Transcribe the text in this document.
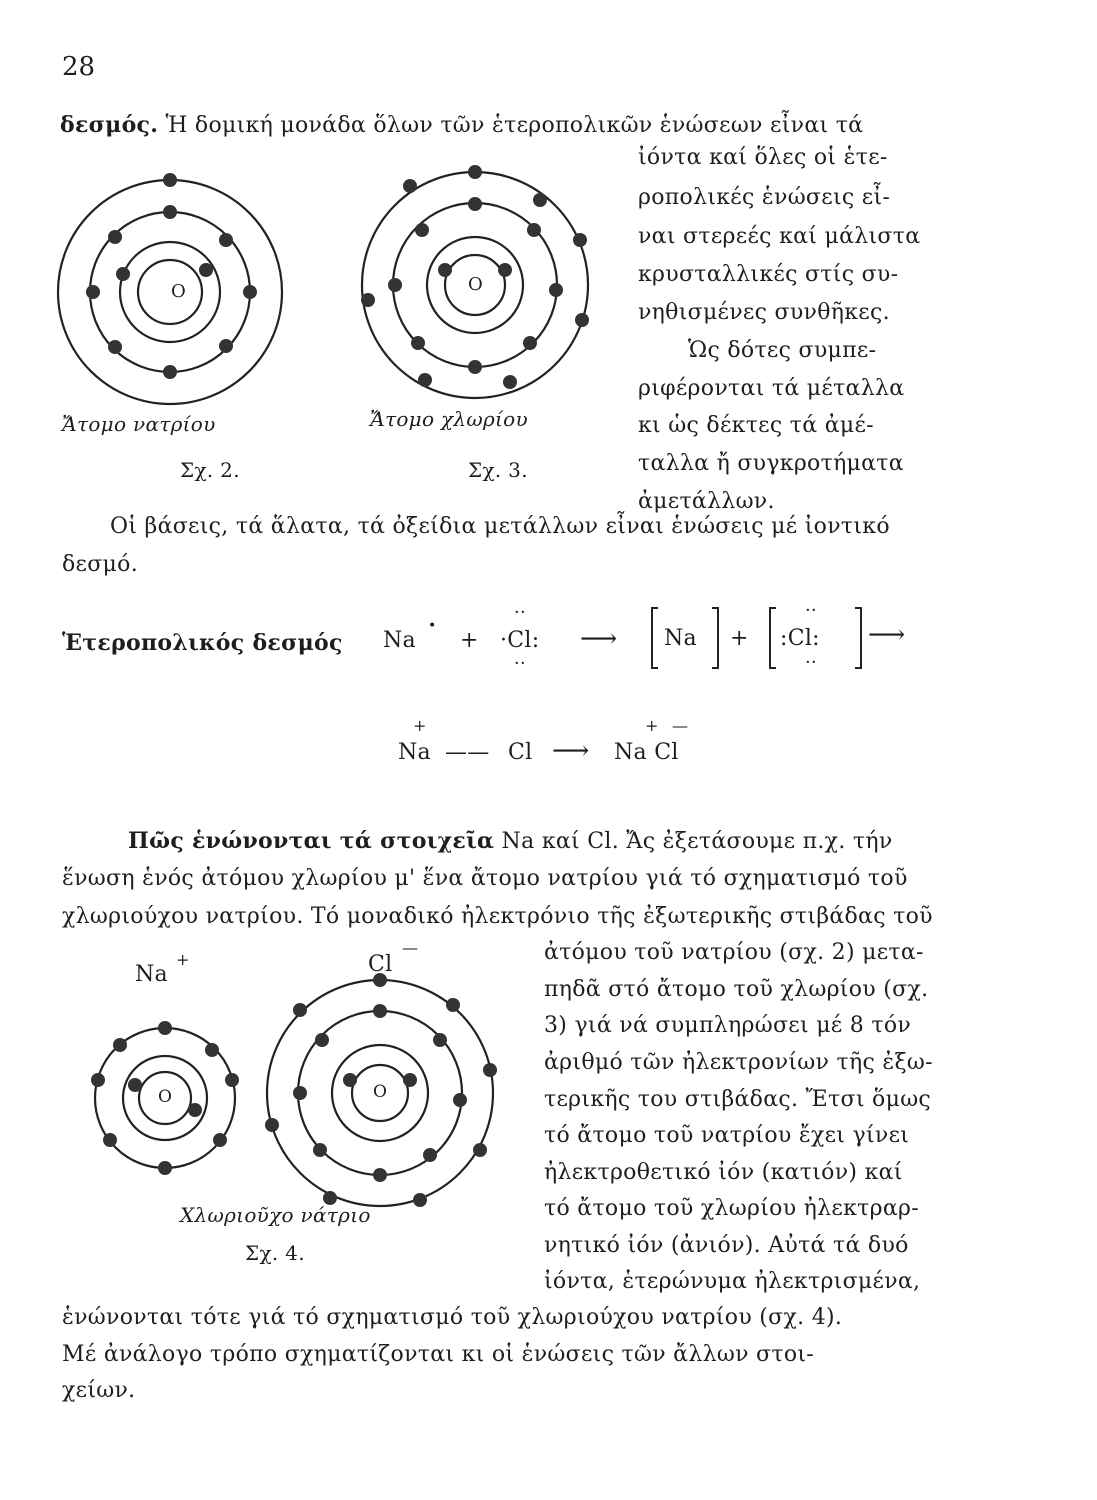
28
δεσμός. Ἡ δομική μονάδα ὅλων τῶν ἑτεροπολικῶν ἑνώσεων εἶναι τά
ἰόντα καί ὅλες οἱ ἑτε-
ροπολικές ἑνώσεις εἶ-
ναι στερεές καί μάλιστα
κρυσταλλικές στίς συ-
νηθισμένες συνθῆκες.
Ὡς δότες συμπε-
ριφέρονται τά μέταλλα
κι ὡς δέκτες τά ἀμέ-
ταλλα ἤ συγκροτήματα
ἀμετάλλων.
O	O
Ἄτομο νατρίου	Ἄτομο χλωρίου
Σχ. 2.	Σχ. 3.
Οἱ βάσεις, τά ἅλατα, τά ὀξείδια μετάλλων εἶναι ἑνώσεις μέ ἰοντικό
δεσμό.
Ἑτεροπολικός δεσμός Na
•
+
··
·Cl:
··
⟶ Na + :Cl:
··
··
⟶
Na
+
—— Cl ⟶ Na Cl
+ —
Πῶς ἑνώνονται τά στοιχεῖα Na καί Cl. Ἄς ἐξετάσουμε π.χ. τήν
ἕνωση ἑνός ἀτόμου χλωρίου μ' ἕνα ἄτομο νατρίου γιά τό σχηματισμό τοῦ
χλωριούχου νατρίου. Τό μοναδικό ἠλεκτρόνιο τῆς ἐξωτερικῆς στιβάδας τοῦ
ἀτόμου τοῦ νατρίου (σχ. 2) μετα-
πηδᾶ στό ἄτομο τοῦ χλωρίου (σχ.
3) γιά νά συμπληρώσει μέ 8 τόν
ἀριθμό τῶν ἠλεκτρονίων τῆς ἐξω-
τερικῆς του στιβάδας. Ἔτσι ὅμως
τό ἄτομο τοῦ νατρίου ἔχει γίνει
ἠλεκτροθετικό ἰόν (κατιόν) καί
τό ἄτομο τοῦ χλωρίου ἠλεκτραρ-
νητικό ἰόν (ἀνιόν). Αὐτά τά δυό
ἰόντα, ἑτερώνυμα ἠλεκτρισμένα,
Na
+	Cl
—
O	O
Χλωριοῦχο νάτριο
Σχ. 4.
ἑνώνονται τότε γιά τό σχηματισμό τοῦ χλωριούχου νατρίου (σχ. 4).
Μέ ἀνάλογο τρόπο σχηματίζονται κι οἱ ἑνώσεις τῶν ἄλλων στοι-
χείων.
